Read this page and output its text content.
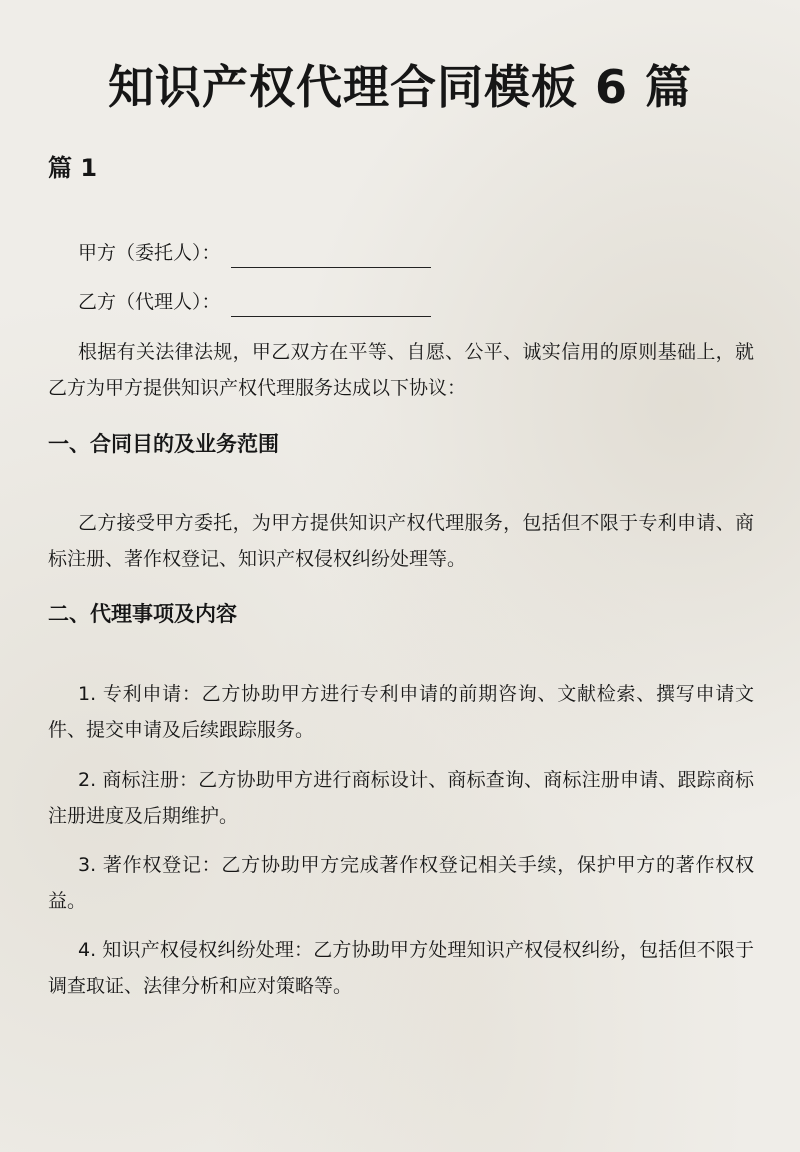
知识产权代理合同模板 6 篇
篇 1
甲方（委托人）：
乙方（代理人）：

根据有关法律法规，甲乙双方在平等、自愿、公平、诚实信用的原则基础上，就乙方为甲方提供知识产权代理服务达成以下协议：

一、合同目的及业务范围

乙方接受甲方委托，为甲方提供知识产权代理服务，包括但不限于专利申请、商标注册、著作权登记、知识产权侵权纠纷处理等。

二、代理事项及内容

1. 专利申请：乙方协助甲方进行专利申请的前期咨询、文献检索、撰写申请文件、提交申请及后续跟踪服务。

2. 商标注册：乙方协助甲方进行商标设计、商标查询、商标注册申请、跟踪商标注册进度及后期维护。

3. 著作权登记：乙方协助甲方完成著作权登记相关手续，保护甲方的著作权权益。

4. 知识产权侵权纠纷处理：乙方协助甲方处理知识产权侵权纠纷，包括但不限于调查取证、法律分析和应对策略等。
